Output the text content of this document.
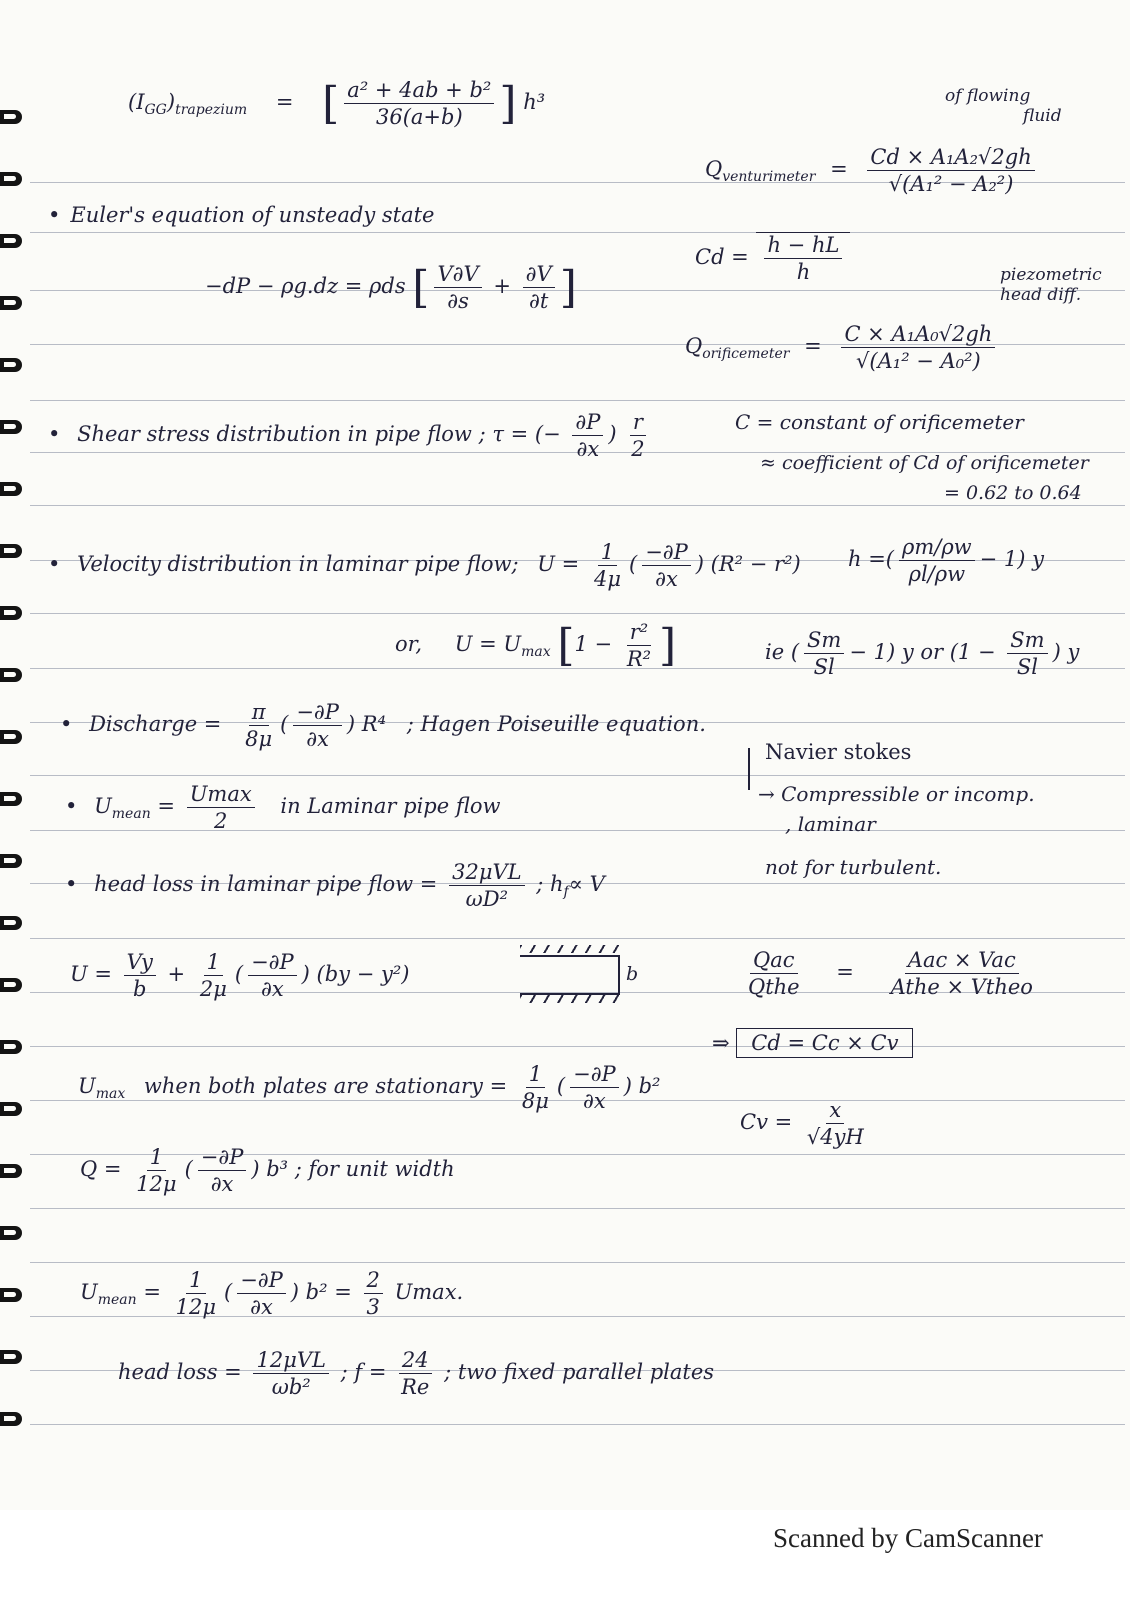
$(I_{GG})_{trapezium}$ = [ $\frac{\text{a² + 4ab + b²}}{36(a+b)}$ ] h³
• Euler's equation of unsteady state
−dP − ρg.dz = ρds [ $\frac{V\partial V}{\partial s} + \frac{\partial V}{\partial t}$ ]
• Shear stress distribution in pipe flow ; τ = (− $\frac{\partial P}{\partial x}$ ) $\frac{r}{2}$
• Velocity distribution in laminar pipe flow; $U = \frac{1}{4\mu}$ ( $\frac{-\partial P}{\partial x}$ ) (R² − r²)
or, $U = U_{max}$ [$1 - \frac{\text{r²}}{\text{R²}}$ ]
• Discharge = $\frac{\pi}{8\mu}$ ( $\frac{-\partial P}{\partial x}$ ) R⁴ ; Hagen Poiseuille equation.
• $U_{mean} = \frac{Umax}{2}$ in Laminar pipe flow
• head loss in laminar pipe flow = $\frac{\text{32μVL}}{\text{ωD²}}$ ; $h_f\propto V$
$U = \frac{Vy}{b} + \frac{1}{2\mu}$ ( $\frac{-\partial P}{\partial x}$ ) (by − y²)	b
$U_{max}$ when both plates are stationary = $\frac{1}{8\mu}$ ( $\frac{-\partial P}{\partial x}$ ) b²
$Q = \frac{1}{12\mu}$ ( $\frac{-\partial P}{\partial x}$ ) b³ ; for unit width
$U_{mean} = \frac{1}{12\mu}$ ( $\frac{-\partial P}{\partial x}$ ) $b^2 = \frac{2}{3} Umax$.
head loss = $\frac{\text{12μVL}}{\text{ωb²}}$ ; $f = \frac{24}{Re}$ ; two fixed parallel plates
of flowing
fluid
$Q_{venturimeter} = \frac{\text{Cd × A₁A₂√2gh}}{\text{√(A₁² − A₂²)}}$
$Cd = \frac{h - hL}{h}$	piezometric
head diff.
$Q_{orificemeter} = \frac{\text{C × A₁A₀√2gh}}{\text{√(A₁² − A₀²)}}$
C = constant of orificemeter
≈ coefficient of Cd of orificemeter
= 0.62 to 0.64
h =( $\frac{\rho m/\rho w}{\rho l/\rho w} - 1$) y
ie ( $\frac{Sm}{Sl} - 1$) y or ($1 - \frac{Sm}{Sl}$ ) y
Navier stokes
→ Compressible or incomp.
, laminar
not for turbulent.
$\frac{\text{Qac}}{\text{Qthe}} = \frac{\text{Aac × Vac}}{\text{Athe × Vtheo}}$
⇒ Cd = Cc × Cv
$Cv = \frac{x}{√4yH}$
Scanned by CamScanner
